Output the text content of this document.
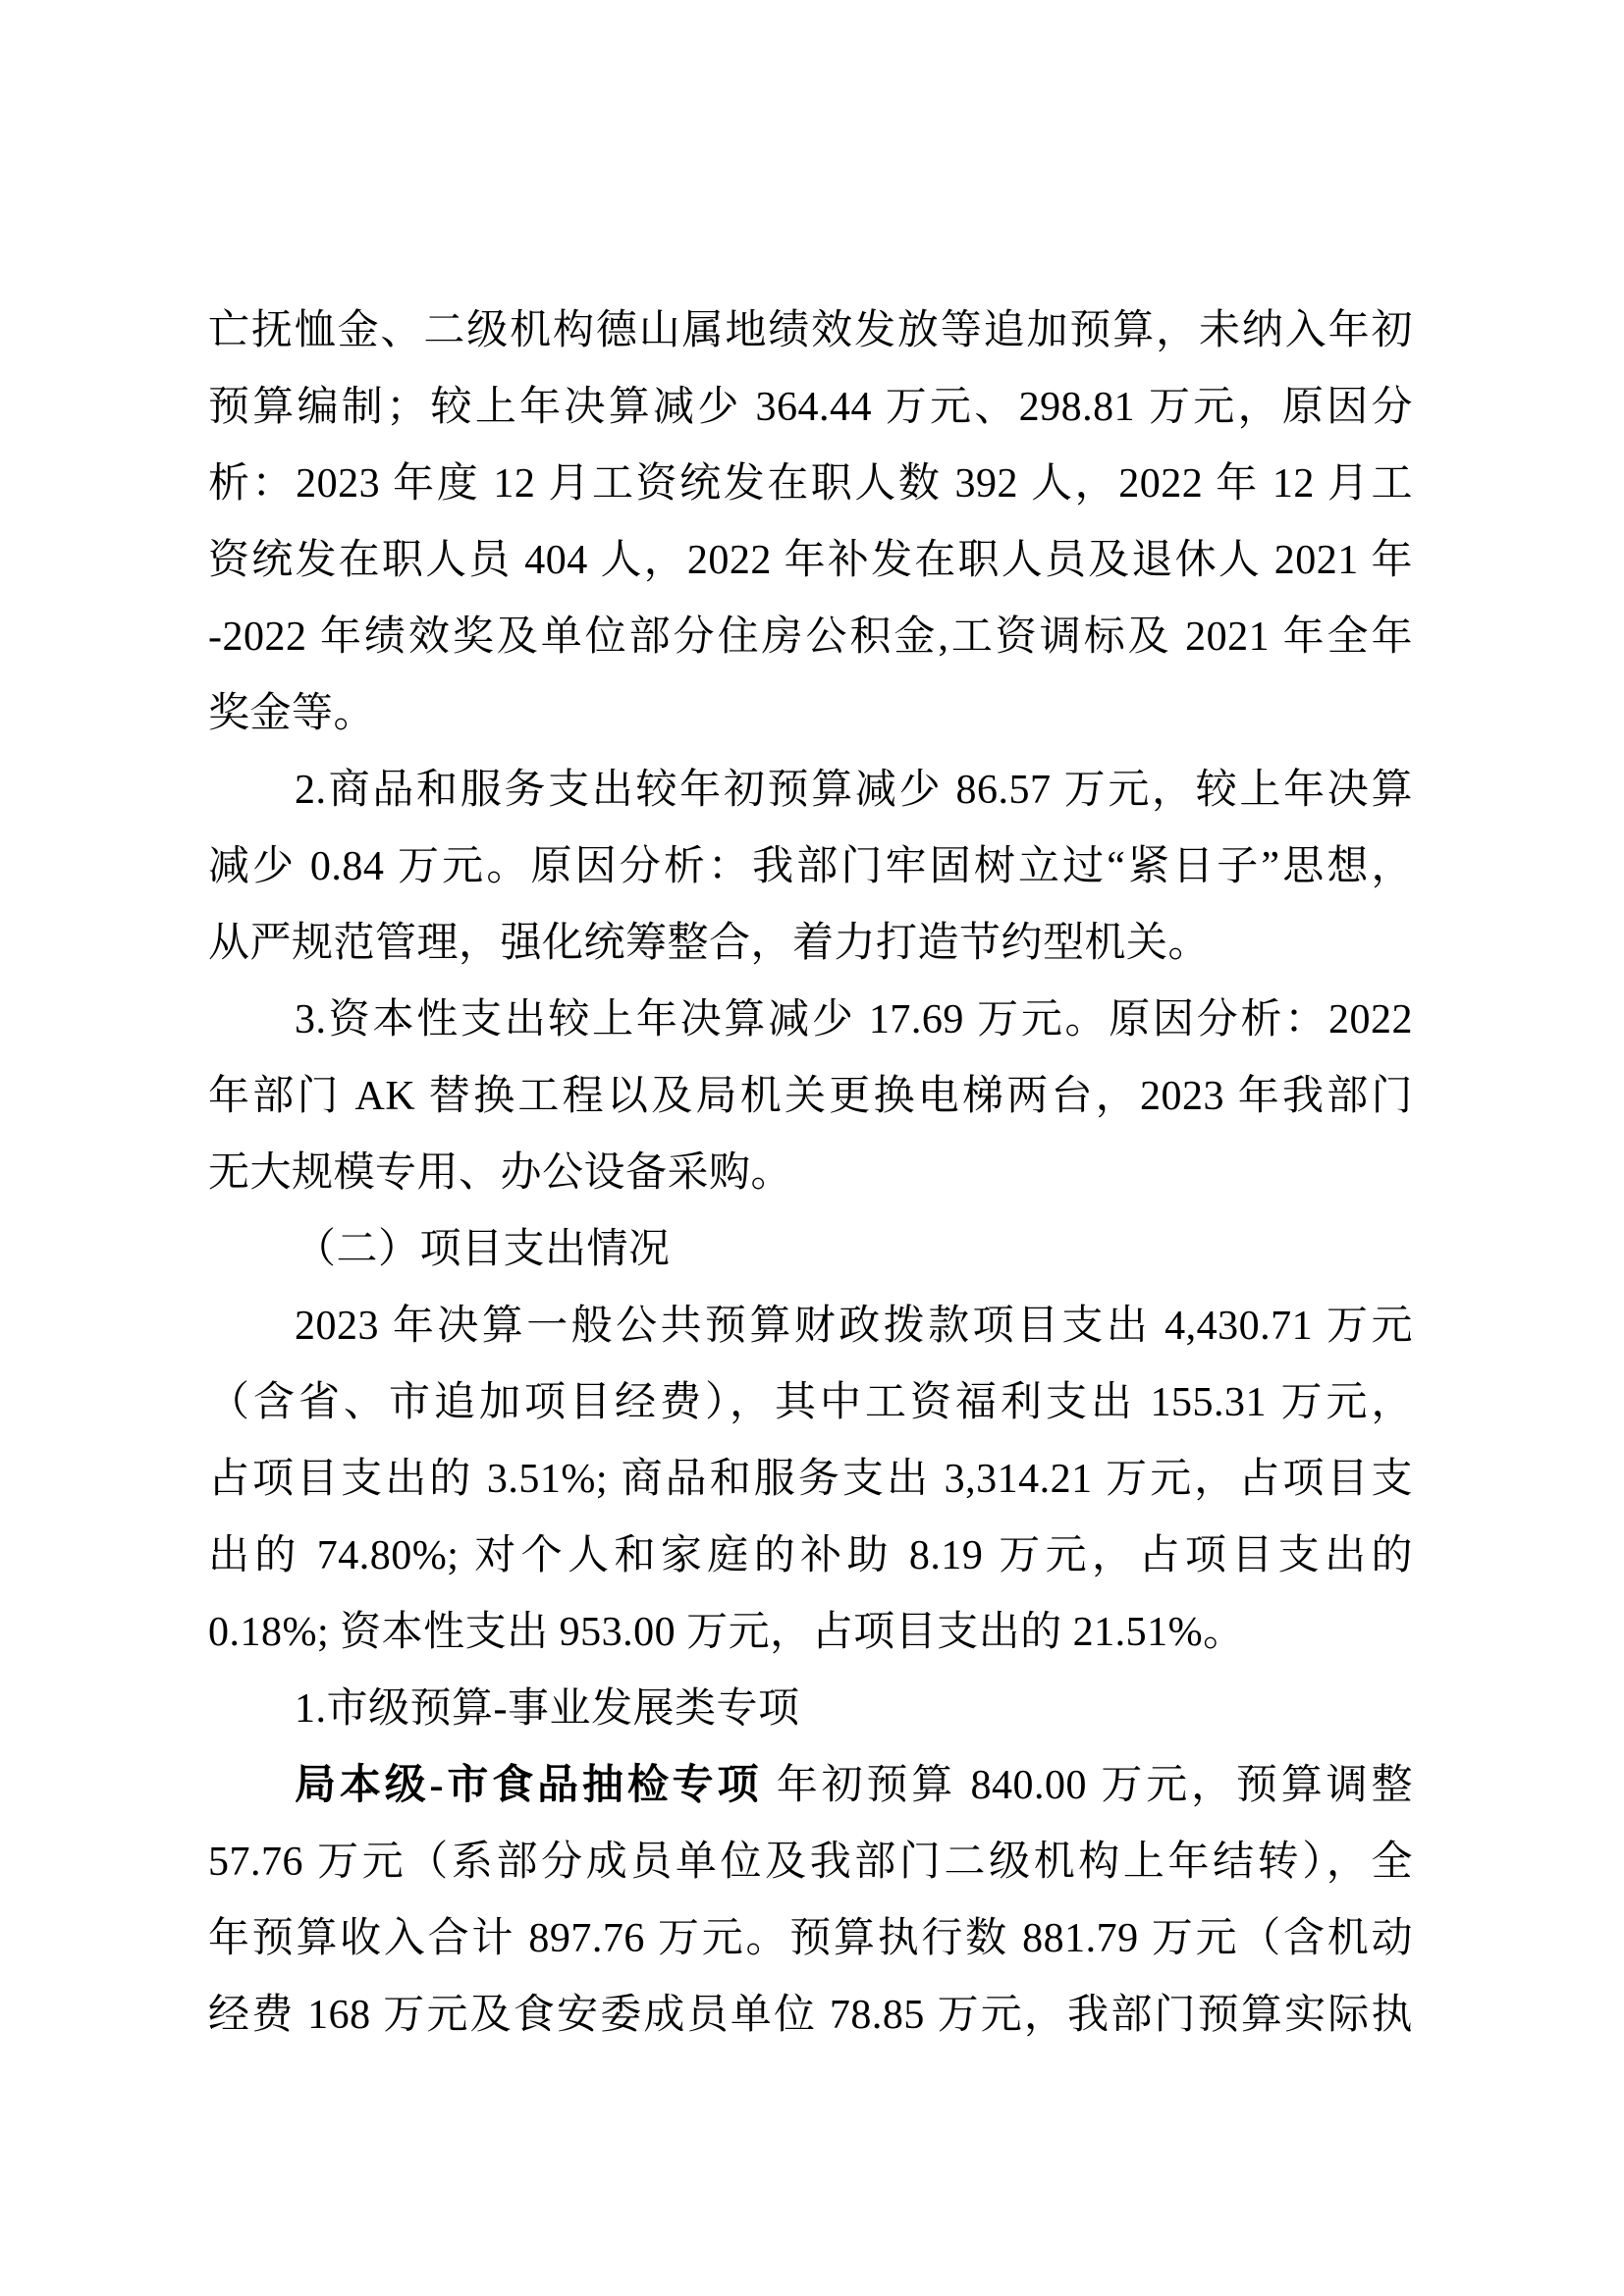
亡抚恤金、二级机构德山属地绩效发放等追加预算，未纳入年初
预算编制；较上年决算减少 364.44 万元、298.81 万元，原因分
析：2023 年度 12 月工资统发在职人数 392 人，2022 年 12 月工
资统发在职人员 404 人，2022 年补发在职人员及退休人 2021 年
-2022 年绩效奖及单位部分住房公积金,工资调标及 2021 年全年
奖金等。
2.商品和服务支出较年初预算减少 86.57 万元，较上年决算
减少 0.84 万元。原因分析：我部门牢固树立过“紧日子”思想，
从严规范管理，强化统筹整合，着力打造节约型机关。
3.资本性支出较上年决算减少 17.69 万元。原因分析：2022
年部门 AK 替换工程以及局机关更换电梯两台，2023 年我部门
无大规模专用、办公设备采购。
（二）项目支出情况
2023 年决算一般公共预算财政拨款项目支出 4,430.71 万元
（含省、市追加项目经费），其中工资福利支出 155.31 万元，
占项目支出的 3.51%; 商品和服务支出 3,314.21 万元，占项目支
出的 74.80%; 对个人和家庭的补助 8.19 万元，占项目支出的
0.18%; 资本性支出 953.00 万元，占项目支出的 21.51%。
1.市级预算-事业发展类专项
局本级-市食品抽检专项 年初预算 840.00 万元，预算调整
57.76 万元（系部分成员单位及我部门二级机构上年结转），全
年预算收入合计 897.76 万元。预算执行数 881.79 万元（含机动
经费 168 万元及食安委成员单位 78.85 万元，我部门预算实际执
